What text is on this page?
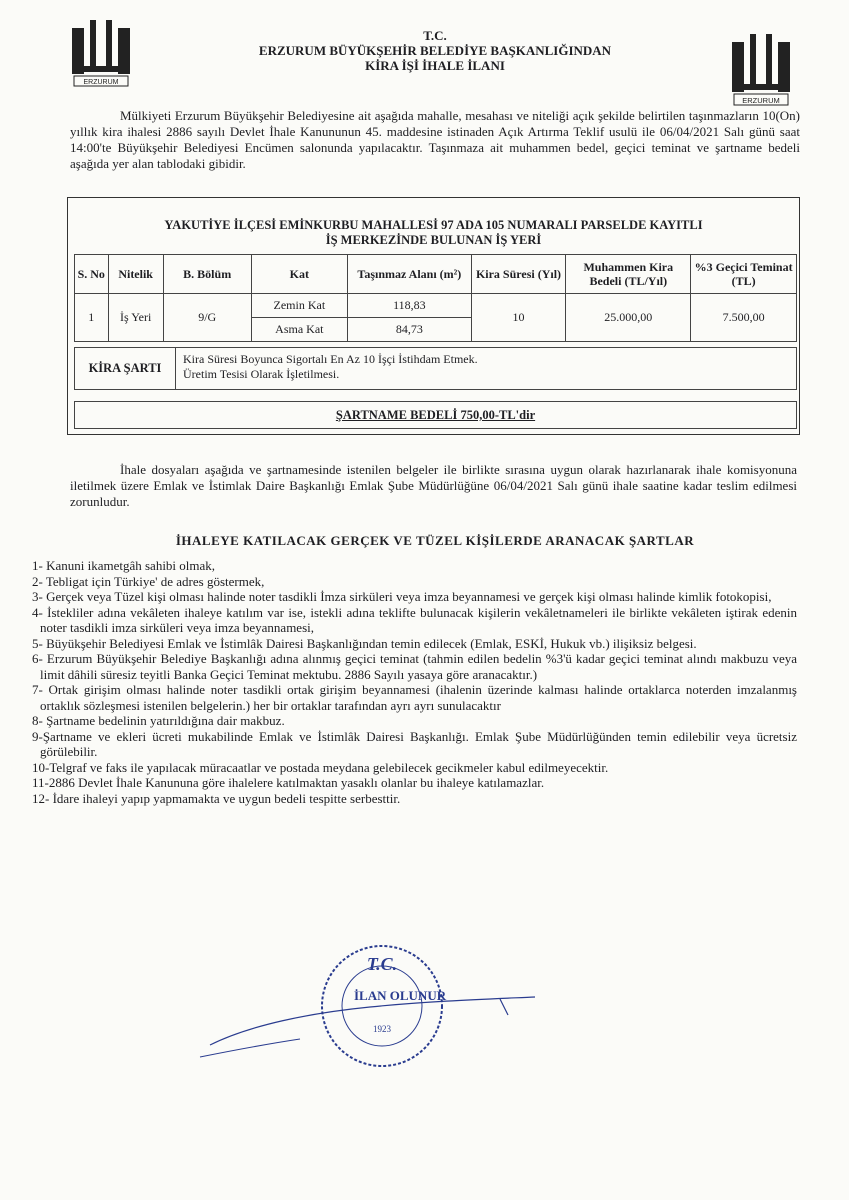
ERZURUM
T.C.
ERZURUM BÜYÜKŞEHİR BELEDİYE BAŞKANLIĞINDAN
KİRA İŞİ İHALE İLANI
ERZURUM
Mülkiyeti Erzurum Büyükşehir Belediyesine ait aşağıda mahalle, mesahası ve niteliği açık şekilde belirtilen taşınmazların 10(On) yıllık kira ihalesi 2886 sayılı Devlet İhale Kanununun 45. maddesine istinaden Açık Artırma Teklif usulü ile 06/04/2021 Salı günü saat 14:00'te Büyükşehir Belediyesi Encümen salonunda yapılacaktır. Taşınmaza ait muhammen bedel, geçici teminat ve şartname bedeli aşağıda yer alan tablodaki gibidir.
YAKUTİYE İLÇESİ EMİNKURBU MAHALLESİ 97 ADA 105 NUMARALI PARSELDE KAYITLI
İŞ MERKEZİNDE BULUNAN İŞ YERİ
S. No	Nitelik	B. Bölüm	Kat	Taşınmaz Alanı (m²)	Kira Süresi (Yıl)	Muhammen Kira Bedeli (TL/Yıl)	%3 Geçici Teminat (TL)
1	İş Yeri	9/G	Zemin Kat	118,83	10	25.000,00	7.500,00
			Asma Kat	84,73			
KİRA ŞARTI
Kira Süresi Boyunca Sigortalı En Az 10 İşçi İstihdam Etmek.
Üretim Tesisi Olarak İşletilmesi.
ŞARTNAME BEDELİ 750,00-TL'dir
İhale dosyaları aşağıda ve şartnamesinde istenilen belgeler ile birlikte sırasına uygun olarak hazırlanarak ihale komisyonuna iletilmek üzere Emlak ve İstimlak Daire Başkanlığı Emlak Şube Müdürlüğüne 06/04/2021 Salı günü ihale saatine kadar teslim edilmesi zorunludur.
İHALEYE KATILACAK GERÇEK VE TÜZEL KİŞİLERDE ARANACAK ŞARTLAR
1- Kanuni ikametgâh sahibi olmak,
2- Tebligat için Türkiye' de adres göstermek,
3- Gerçek veya Tüzel kişi olması halinde noter tasdikli İmza sirküleri veya imza beyannamesi ve gerçek kişi olması halinde kimlik fotokopisi,
4- İstekliler adına vekâleten ihaleye katılım var ise, istekli adına teklifte bulunacak kişilerin vekâletnameleri ile birlikte vekâleten iştirak edenin noter tasdikli imza sirküleri veya imza beyannamesi,
5- Büyükşehir Belediyesi Emlak ve İstimlâk Dairesi Başkanlığından temin edilecek (Emlak, ESKİ, Hukuk vb.) ilişiksiz belgesi.
6- Erzurum Büyükşehir Belediye Başkanlığı adına alınmış geçici teminat (tahmin edilen bedelin %3'ü kadar geçici teminat alındı makbuzu veya limit dâhili süresiz teyitli Banka Geçici Teminat mektubu. 2886 Sayılı yasaya göre aranacaktır.)
7- Ortak girişim olması halinde noter tasdikli ortak girişim beyannamesi (ihalenin üzerinde kalması halinde ortaklarca noterden imzalanmış ortaklık sözleşmesi istenilen belgelerin.) her bir ortaklar tarafından ayrı ayrı sunulacaktır
8- Şartname bedelinin yatırıldığına dair makbuz.
9-Şartname ve ekleri ücreti mukabilinde Emlak ve İstimlâk Dairesi Başkanlığı. Emlak Şube Müdürlüğünden temin edilebilir veya ücretsiz görülebilir.
10-Telgraf ve faks ile yapılacak müracaatlar ve postada meydana gelebilecek gecikmeler kabul edilmeyecektir.
11-2886 Devlet İhale Kanununa göre ihalelere katılmaktan yasaklı olanlar bu ihaleye katılamazlar.
12- İdare ihaleyi yapıp yapmamakta ve uygun bedeli tespitte serbesttir.
T.C.
1923
İLAN OLUNUR
